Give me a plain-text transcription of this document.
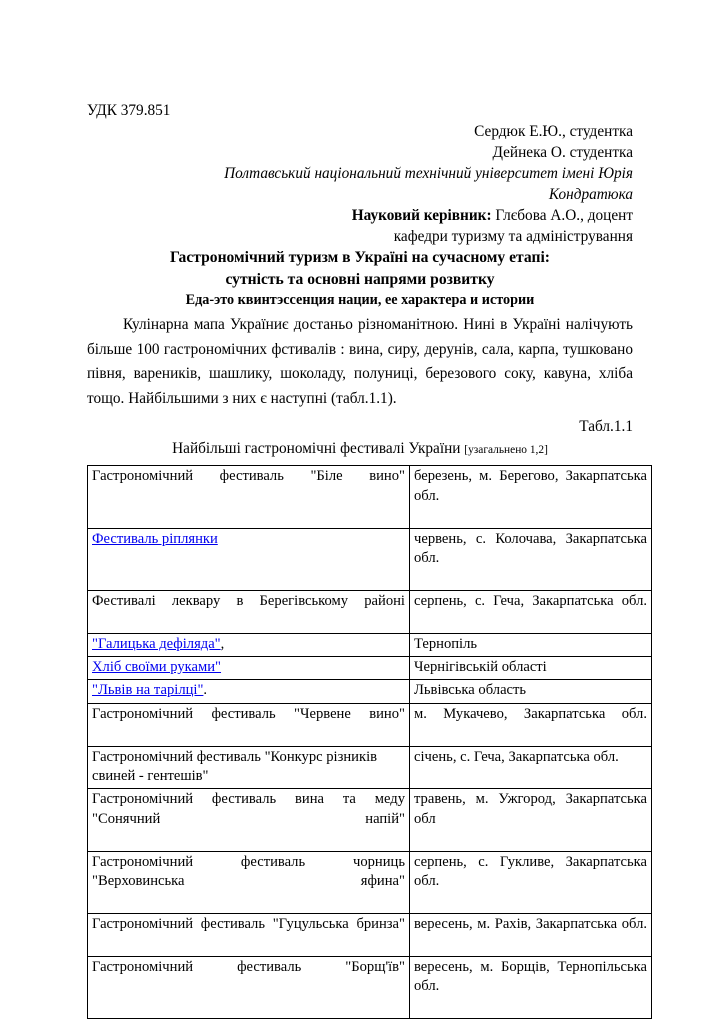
УДК 379.851
Сердюк Е.Ю., студентка
Дейнека О. студентка
Полтавський національний технічний університет імені Юрія
Кондратюка
Науковий керівник: Глєбова А.О., доцент
кафедри туризму та адміністрування
Гастрономічний туризм в Україні на сучасному етапі:
сутність та основні напрями розвитку
Еда-это квинтэссенция нации, ее характера и истории
Кулінарна мапа Україниє достаньо різноманітною. Нині в Україні налічують більше 100 гастрономічних фстивалів : вина, сиру, дерунів, сала, карпа, тушковано півня, вареників, шашлику, шоколаду, полуниці, березового соку, кавуна, хліба тощо. Найбільшими з них є наступні (табл.1.1).
Табл.1.1
Найбільші гастрономічні фестивалі України [узагальнено 1,2]
Гастрономічний фестиваль "Біле вино"	березень, м. Берегово, Закарпатська обл.
Фестиваль ріплянки	червень, с. Колочава, Закарпатська обл.
Фестивалі леквару в Берегівському районі	серпень, с. Геча, Закарпатська обл.
"Галицька дефіляда",	Тернопіль
Хліб своїми руками"	Чернігівській області
"Львів на тарілці".	Львівська область
Гастрономічний фестиваль "Червене вино"	м. Мукачево, Закарпатська обл.
Гастрономічний фестиваль "Конкурс різників свиней - гентешів"	січень, с. Геча, Закарпатська обл.
Гастрономічний фестиваль вина та меду "Сонячний напій"	травень, м. Ужгород, Закарпатська обл
Гастрономічний фестиваль чорниць "Верховинська яфина"	серпень, с. Гукливе, Закарпатська обл.
Гастрономічний фестиваль "Гуцульська бринза"	вересень, м. Рахів, Закарпатська обл.
Гастрономічний фестиваль "Борщ'їв"	вересень, м. Борщів, Тернопільська обл.
